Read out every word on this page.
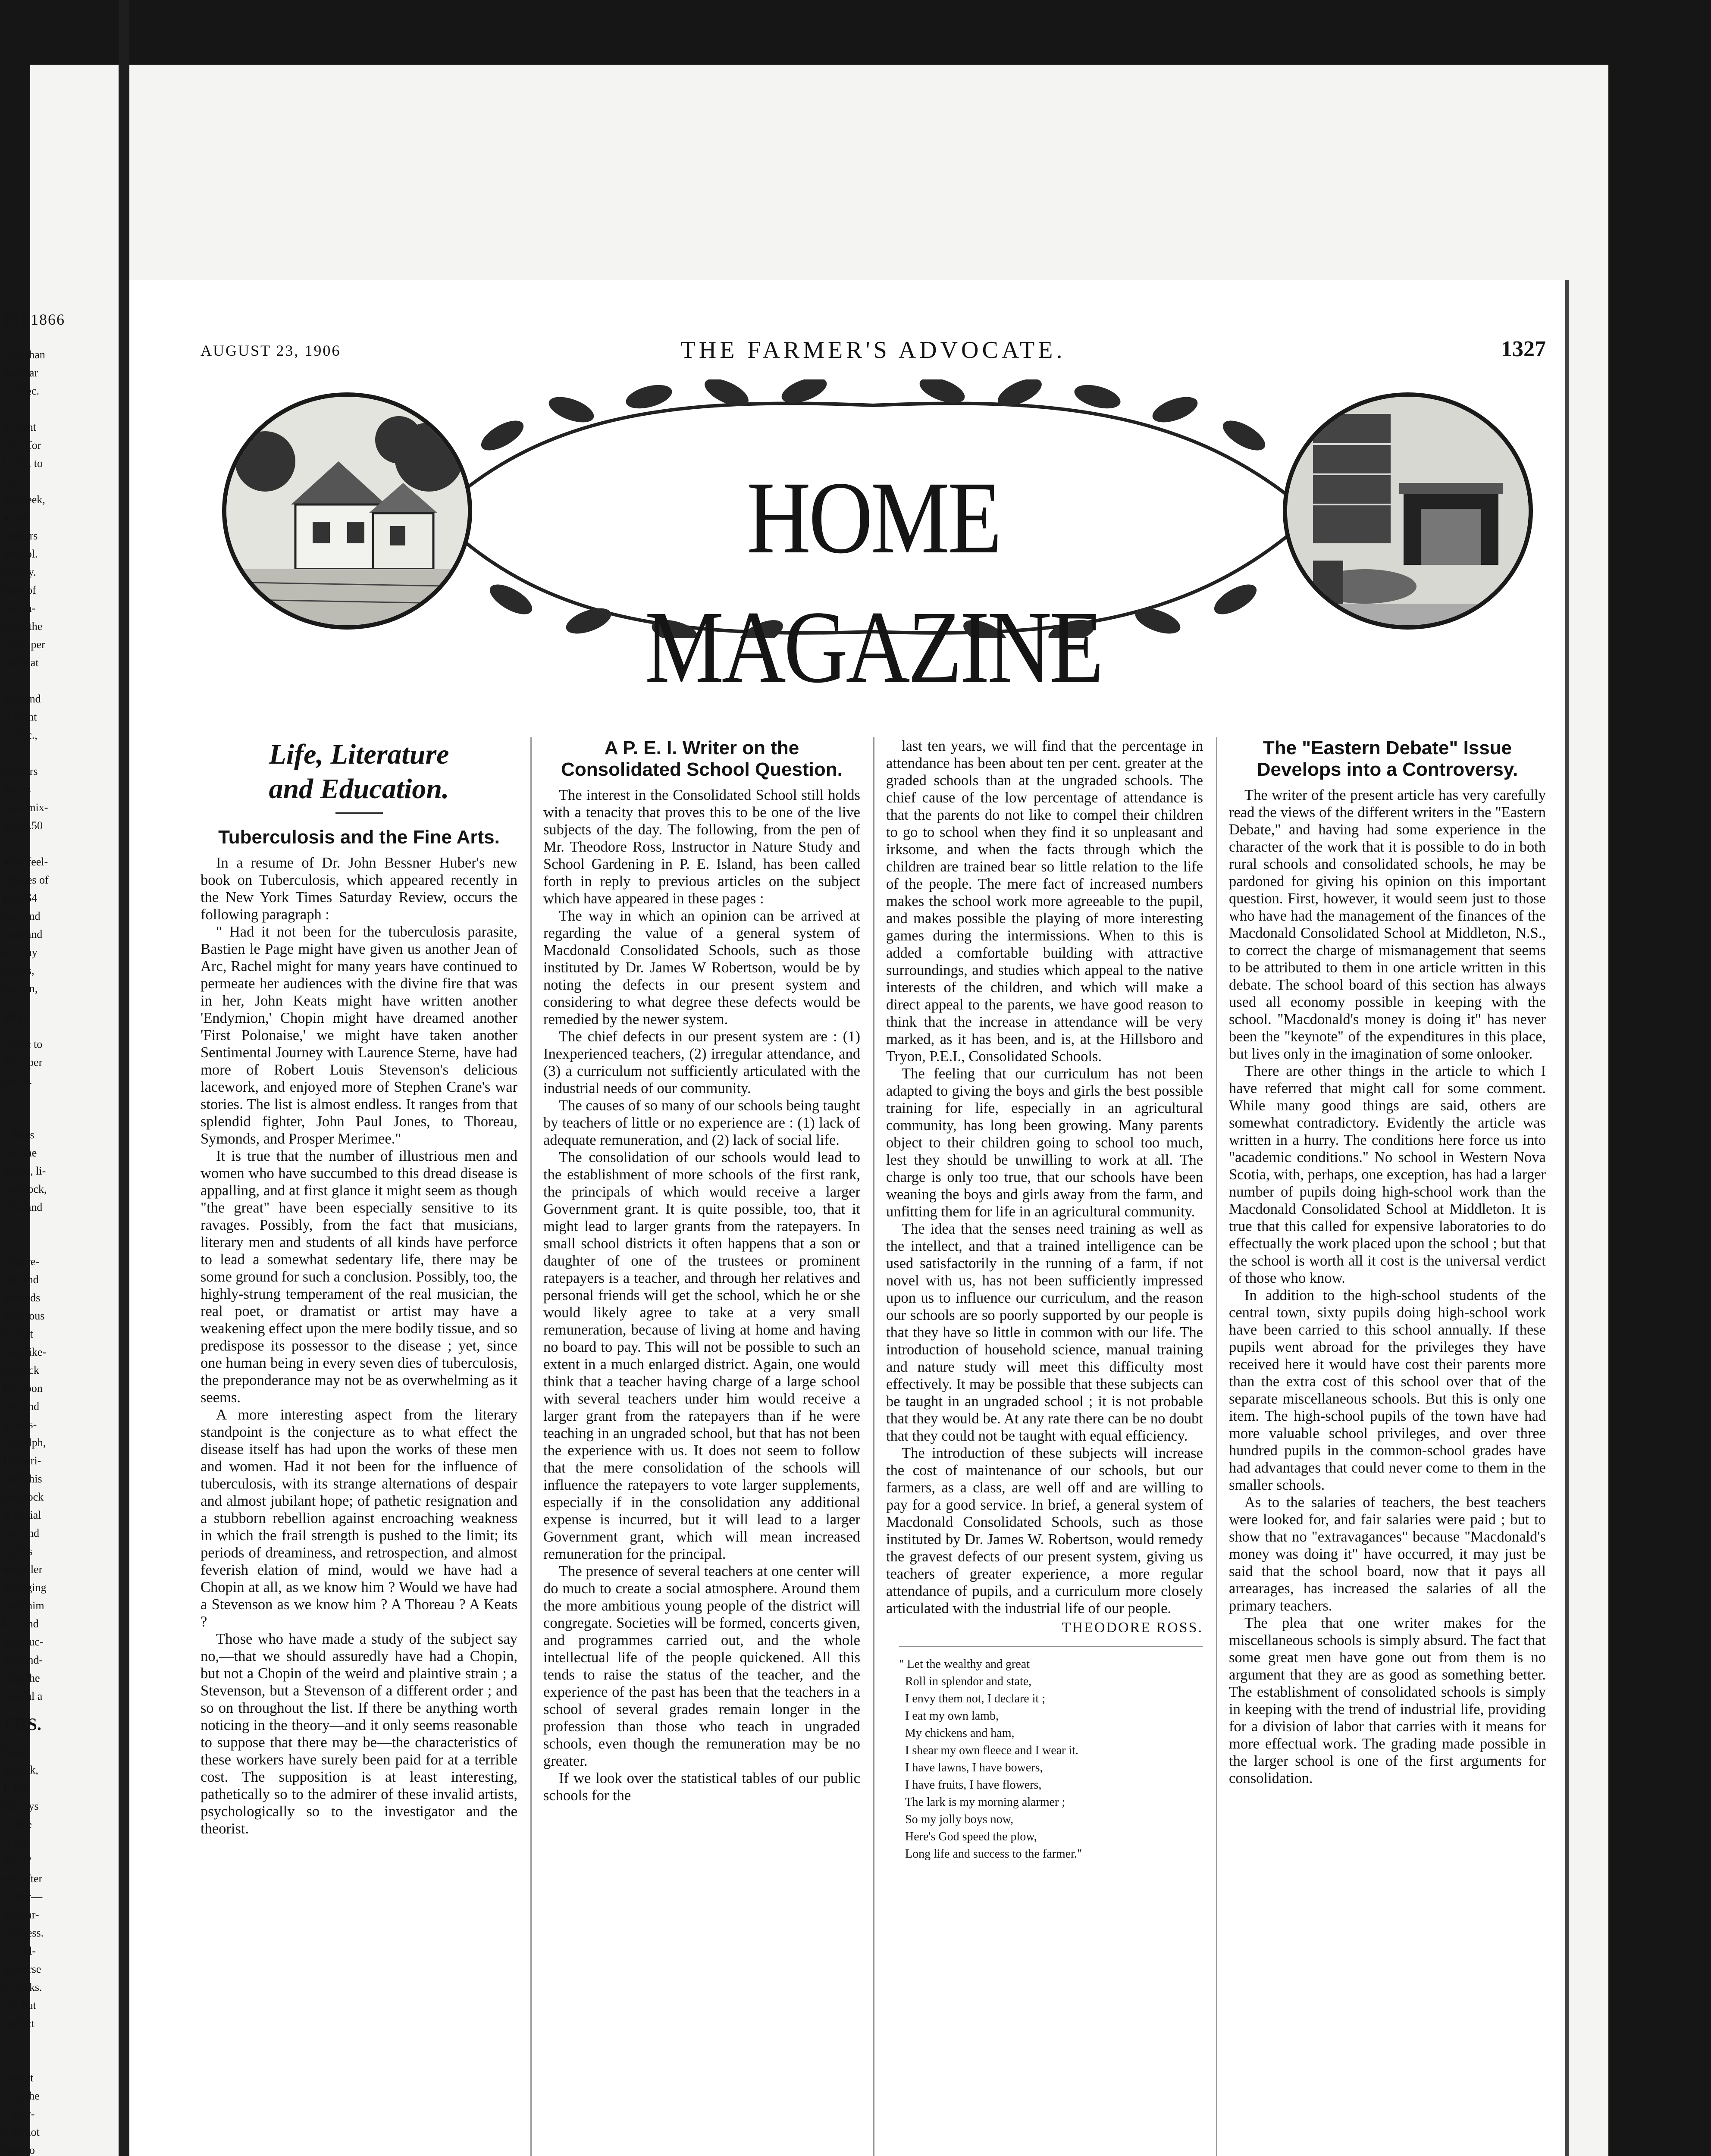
ED 1866
less than
ast year
o 22½c.

a slight
7½c. for
l, 20c. to
15c.
ast week,
as but
farmers
per bbl.
ctively.
inity of
the im-
ough the
. 25c. per
made at

eak, and
st point
to 3Sc.,

farmers
Prices
over-mix-
d $10.50

asier feel-
rchases of
ly at $4
ers', and
bran and
lers say
orders,
per ton,
ets.
10½c to
9½c. per
per lb.

e dates
that the
obson, li-
oodstock,
17th and

of pure-
ock and
depends
judicious
ns that
ople like-
of stock
lly, upon
tent and
a sales-
f Guelph,
l experi-
with his
ive stock
is genial
ract and
ny, his
ith seller
arranging
ends him
lers and
g of auc-
urround-
ving the
cessful a
ERS.
horse
ok sick,
l. The
He says
b. The
rs ago
get it?
eye after
s after—
as guar-
sickness.
n I col-
he horse
e weeks.
r it, but
perfect

cannot
d by the
e guar-
e do not
itten to
AUGUST 23, 1906	THE FARMER'S ADVOCATE.	1327
HOME MAGAZINE
Life, Literature
and Education.
Tuberculosis and the Fine Arts.

In a resume of Dr. John Bessner Huber's new book on Tuberculosis, which appeared recently in the New York Times Saturday Review, occurs the following paragraph :

" Had it not been for the tuberculosis parasite, Bastien le Page might have given us another Jean of Arc, Rachel might for many years have continued to permeate her audiences with the divine fire that was in her, John Keats might have written another 'Endymion,' Chopin might have dreamed another 'First Polonaise,' we might have taken another Sentimental Journey with Laurence Sterne, have had more of Robert Louis Stevenson's delicious lacework, and enjoyed more of Stephen Crane's war stories. The list is almost endless. It ranges from that splendid fighter, John Paul Jones, to Thoreau, Symonds, and Prosper Merimee."

It is true that the number of illustrious men and women who have succumbed to this dread disease is appalling, and at first glance it might seem as though "the great" have been especially sensitive to its ravages. Possibly, from the fact that musicians, literary men and students of all kinds have perforce to lead a somewhat sedentary life, there may be some ground for such a conclusion. Possibly, too, the highly-strung temperament of the real musician, the real poet, or dramatist or artist may have a weakening effect upon the mere bodily tissue, and so predispose its possessor to the disease ; yet, since one human being in every seven dies of tuberculosis, the preponderance may not be as overwhelming as it seems.

A more interesting aspect from the literary standpoint is the conjecture as to what effect the disease itself has had upon the works of these men and women. Had it not been for the influence of tuberculosis, with its strange alternations of despair and almost jubilant hope; of pathetic resignation and a stubborn rebellion against encroaching weakness in which the frail strength is pushed to the limit; its periods of dreaminess, and retrospection, and almost feverish elation of mind, would we have had a Chopin at all, as we know him ? Would we have had a Stevenson as we know him ? A Thoreau ? A Keats ?

Those who have made a study of the subject say no,—that we should assuredly have had a Chopin, but not a Chopin of the weird and plaintive strain ; a Stevenson, but a Stevenson of a different order ; and so on throughout the list. If there be anything worth noticing in the theory—and it only seems reasonable to suppose that there may be—the characteristics of these workers have surely been paid for at a terrible cost. The supposition is at least interesting, pathetically so to the admirer of these invalid artists, psychologically so to the investigator and the theorist.

A P. E. I. Writer on the Consolidated School Question.

The interest in the Consolidated School still holds with a tenacity that proves this to be one of the live subjects of the day. The following, from the pen of Mr. Theodore Ross, Instructor in Nature Study and School Gardening in P. E. Island, has been called forth in reply to previous articles on the subject which have appeared in these pages :

The way in which an opinion can be arrived at regarding the value of a general system of Macdonald Consolidated Schools, such as those instituted by Dr. James W Robertson, would be by noting the defects in our present system and considering to what degree these defects would be remedied by the newer system.

The chief defects in our present system are : (1) Inexperienced teachers, (2) irregular attendance, and (3) a curriculum not sufficiently articulated with the industrial needs of our community.

The causes of so many of our schools being taught by teachers of little or no experience are : (1) lack of adequate remuneration, and (2) lack of social life.

The consolidation of our schools would lead to the establishment of more schools of the first rank, the principals of which would receive a larger Government grant. It is quite possible, too, that it might lead to larger grants from the ratepayers. In small school districts it often happens that a son or daughter of one of the trustees or prominent ratepayers is a teacher, and through her relatives and personal friends will get the school, which he or she would likely agree to take at a very small remuneration, because of living at home and having no board to pay. This will not be possible to such an extent in a much enlarged district. Again, one would think that a teacher having charge of a large school with several teachers under him would receive a larger grant from the ratepayers than if he were teaching in an ungraded school, but that has not been the experience with us. It does not seem to follow that the mere consolidation of the schools will influence the ratepayers to vote larger supplements, especially if in the consolidation any additional expense is incurred, but it will lead to a larger Government grant, which will mean increased remuneration for the principal.

The presence of several teachers at one center will do much to create a social atmosphere. Around them the more ambitious young people of the district will congregate. Societies will be formed, concerts given, and programmes carried out, and the whole intellectual life of the people quickened. All this tends to raise the status of the teacher, and the experience of the past has been that the teachers in a school of several grades remain longer in the profession than those who teach in ungraded schools, even though the remuneration may be no greater.

If we look over the statistical tables of our public schools for the

last ten years, we will find that the percentage in attendance has been about ten per cent. greater at the graded schools than at the ungraded schools. The chief cause of the low percentage of attendance is that the parents do not like to compel their children to go to school when they find it so unpleasant and irksome, and when the facts through which the children are trained bear so little relation to the life of the people. The mere fact of increased numbers makes the school work more agreeable to the pupil, and makes possible the playing of more interesting games during the intermissions. When to this is added a comfortable building with attractive surroundings, and studies which appeal to the native interests of the children, and which will make a direct appeal to the parents, we have good reason to think that the increase in attendance will be very marked, as it has been, and is, at the Hillsboro and Tryon, P.E.I., Consolidated Schools.

The feeling that our curriculum has not been adapted to giving the boys and girls the best possible training for life, especially in an agricultural community, has long been growing. Many parents object to their children going to school too much, lest they should be unwilling to work at all. The charge is only too true, that our schools have been weaning the boys and girls away from the farm, and unfitting them for life in an agricultural community.

The idea that the senses need training as well as the intellect, and that a trained intelligence can be used satisfactorily in the running of a farm, if not novel with us, has not been sufficiently impressed upon us to influence our curriculum, and the reason our schools are so poorly supported by our people is that they have so little in common with our life. The introduction of household science, manual training and nature study will meet this difficulty most effectively. It may be possible that these subjects can be taught in an ungraded school ; it is not probable that they would be. At any rate there can be no doubt that they could not be taught with equal efficiency.

The introduction of these subjects will increase the cost of maintenance of our schools, but our farmers, as a class, are well off and are willing to pay for a good service. In brief, a general system of Macdonald Consolidated Schools, such as those instituted by Dr. James W. Robertson, would remedy the gravest defects of our present system, giving us teachers of greater experience, a more regular attendance of pupils, and a curriculum more closely articulated with the industrial life of our people.

THEODORE ROSS.
" Let the wealthy and great
Roll in splendor and state,
I envy them not, I declare it ;
I eat my own lamb,
My chickens and ham,
I shear my own fleece and I wear it.
I have lawns, I have bowers,
I have fruits, I have flowers,
The lark is my morning alarmer ;
So my jolly boys now,
Here's God speed the plow,
Long life and success to the farmer."
The "Eastern Debate" Issue Develops into a Controversy.

The writer of the present article has very carefully read the views of the different writers in the "Eastern Debate," and having had some experience in the character of the work that it is possible to do in both rural schools and consolidated schools, he may be pardoned for giving his opinion on this important question. First, however, it would seem just to those who have had the management of the finances of the Macdonald Consolidated School at Middleton, N.S., to correct the charge of mismanagement that seems to be attributed to them in one article written in this debate. The school board of this section has always used all economy possible in keeping with the school. "Macdonald's money is doing it" has never been the "keynote" of the expenditures in this place, but lives only in the imagination of some onlooker.

There are other things in the article to which I have referred that might call for some comment. While many good things are said, others are somewhat contradictory. Evidently the article was written in a hurry. The conditions here force us into "academic conditions." No school in Western Nova Scotia, with, perhaps, one exception, has had a larger number of pupils doing high-school work than the Macdonald Consolidated School at Middleton. It is true that this called for expensive laboratories to do effectually the work placed upon the school ; but that the school is worth all it cost is the universal verdict of those who know.

In addition to the high-school students of the central town, sixty pupils doing high-school work have been carried to this school annually. If these pupils went abroad for the privileges they have received here it would have cost their parents more than the extra cost of this school over that of the separate miscellaneous schools. But this is only one item. The high-school pupils of the town have had more valuable school privileges, and over three hundred pupils in the common-school grades have had advantages that could never come to them in the smaller schools.

As to the salaries of teachers, the best teachers were looked for, and fair salaries were paid ; but to show that no "extravagances" because "Macdonald's money was doing it" have occurred, it may just be said that the school board, now that it pays all arrearages, has increased the salaries of all the primary teachers.

The plea that one writer makes for the miscellaneous schools is simply absurd. The fact that some great men have gone out from them is no argument that they are as good as something better. The establishment of consolidated schools is simply in keeping with the trend of industrial life, providing for a division of labor that carries with it means for more effectual work. The grading made possible in the larger school is one of the first arguments for consolidation.
